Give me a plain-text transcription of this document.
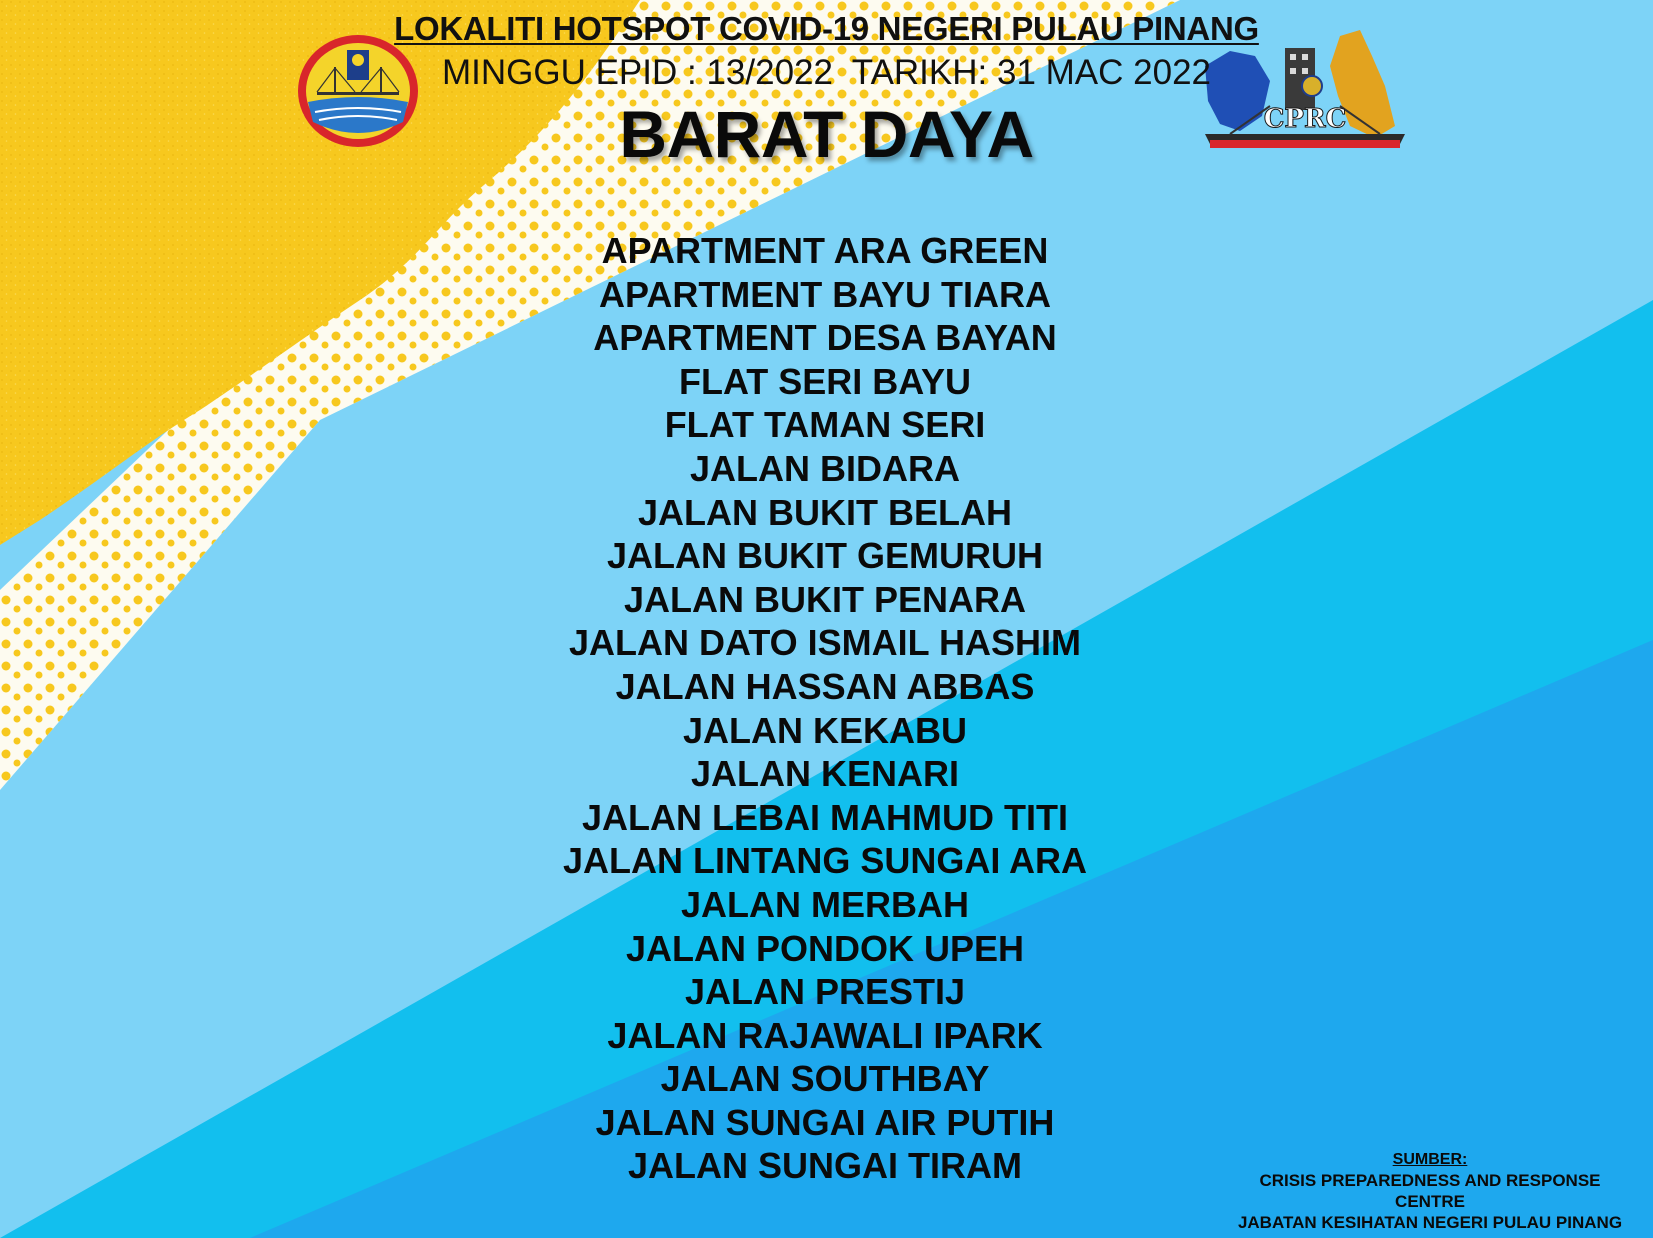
CPRC
LOKALITI HOTSPOT COVID-19 NEGERI PULAU PINANG
MINGGU EPID : 13/2022  TARIKH: 31 MAC 2022
BARAT DAYA
APARTMENT ARA GREEN
APARTMENT BAYU TIARA
APARTMENT DESA BAYAN
FLAT SERI BAYU
FLAT TAMAN SERI
JALAN BIDARA
JALAN BUKIT BELAH
JALAN BUKIT GEMURUH
JALAN BUKIT PENARA
JALAN DATO ISMAIL HASHIM
JALAN HASSAN ABBAS
JALAN KEKABU
JALAN KENARI
JALAN LEBAI MAHMUD TITI
JALAN LINTANG SUNGAI ARA
JALAN MERBAH
JALAN PONDOK UPEH
JALAN PRESTIJ
JALAN RAJAWALI IPARK
JALAN SOUTHBAY
JALAN SUNGAI AIR PUTIH
JALAN SUNGAI TIRAM	SUMBER:
CRISIS PREPAREDNESS AND RESPONSE
CENTRE
JABATAN KESIHATAN NEGERI PULAU PINANG
